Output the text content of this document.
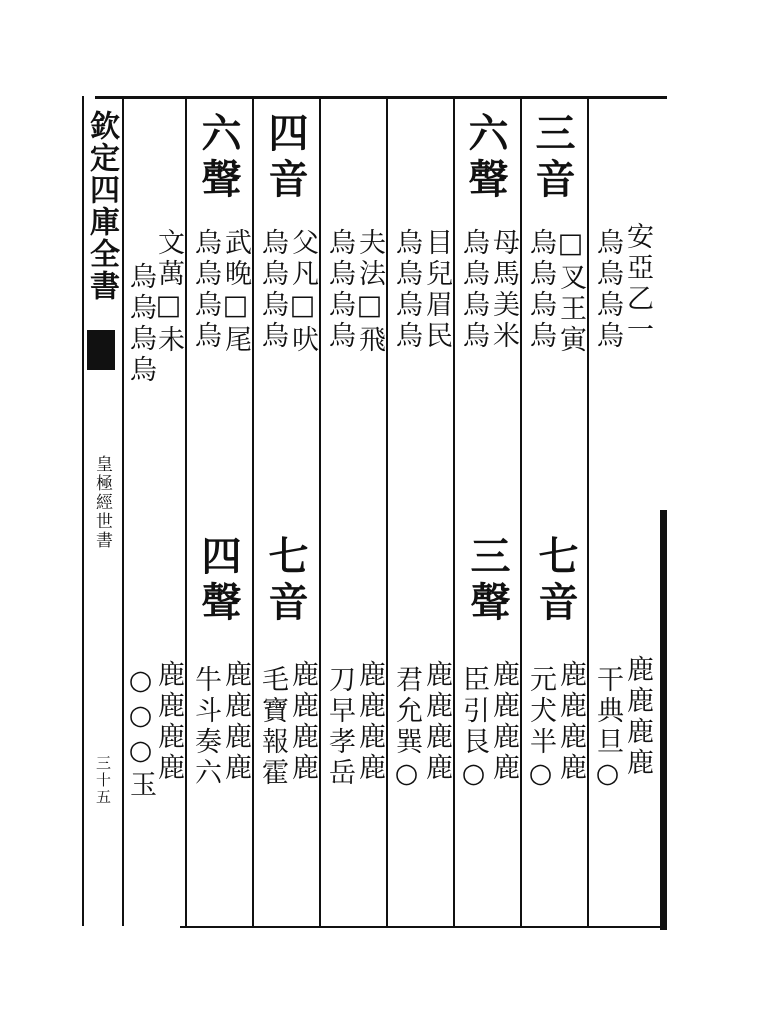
欽定四庫全書
皇極經世書
三十五
三音
安亞乙一
烏烏烏烏
鹿鹿鹿鹿
干典旦○
□叉王寅
烏烏烏烏
七音
鹿鹿鹿鹿
元犬半○
六聲
母馬美米
烏烏烏烏
三聲
鹿鹿鹿鹿
臣引艮○
目兒眉民
烏烏烏烏
鹿鹿鹿鹿
君允巽○
夫法□飛
烏烏烏烏
鹿鹿鹿鹿
刀早孝岳
四音
父凡□吠
烏烏烏烏
七音
鹿鹿鹿鹿
毛寶報霍
六聲
武晚□尾
烏烏烏烏
四聲
鹿鹿鹿鹿
牛斗奏六
文萬□未
烏烏烏烏
鹿鹿鹿鹿
○○○玉
